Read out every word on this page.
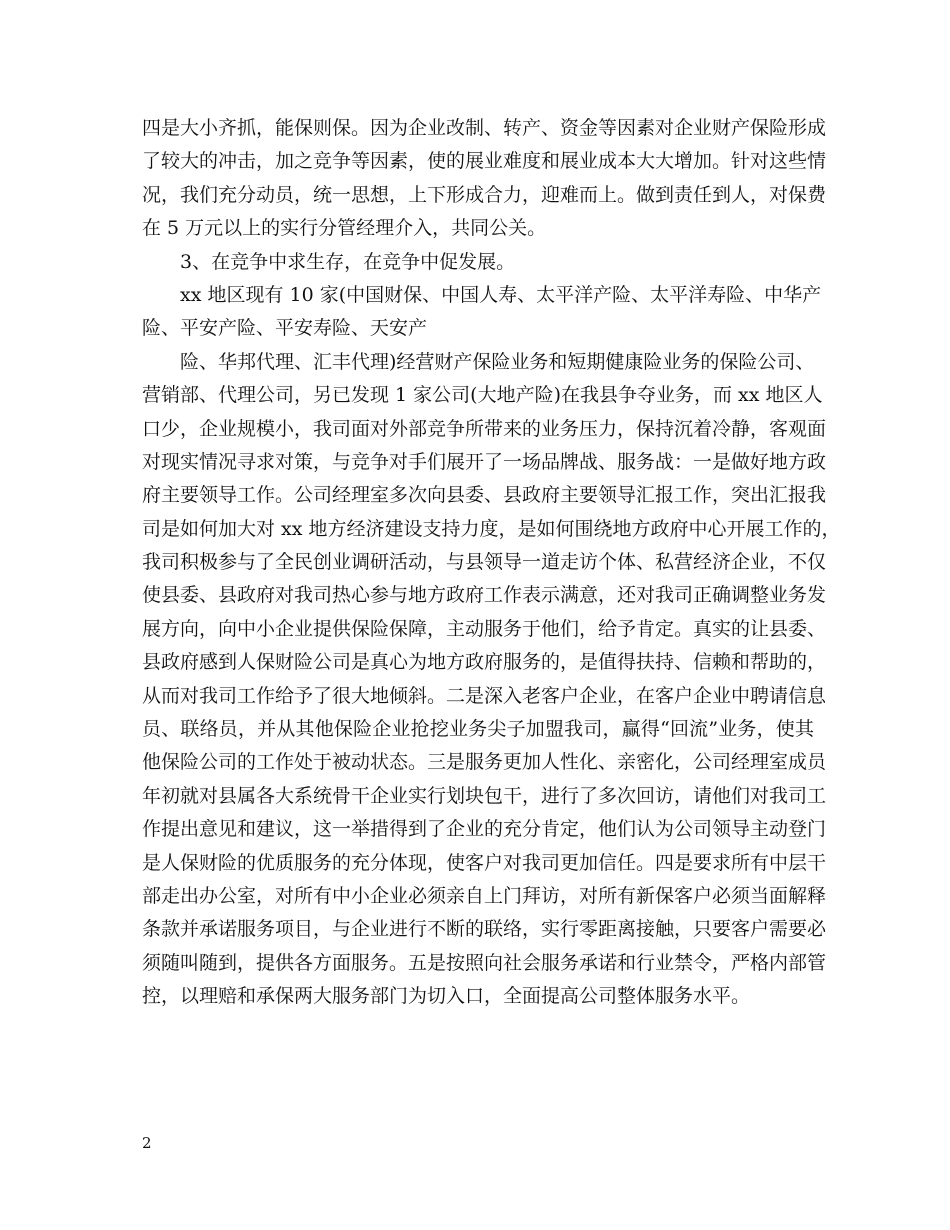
四是大小齐抓，能保则保。因为企业改制、转产、资金等因素对企业财产保险形成
了较大的冲击，加之竞争等因素，使的展业难度和展业成本大大增加。针对这些情
况，我们充分动员，统一思想，上下形成合力，迎难而上。做到责任到人，对保费
在 5 万元以上的实行分管经理介入，共同公关。
3、在竞争中求生存，在竞争中促发展。
xx 地区现有 10 家(中国财保、中国人寿、太平洋产险、太平洋寿险、中华产
险、平安产险、平安寿险、天安产
险、华邦代理、汇丰代理)经营财产保险业务和短期健康险业务的保险公司、
营销部、代理公司，另已发现 1 家公司(大地产险)在我县争夺业务，而 xx 地区人
口少，企业规模小，我司面对外部竞争所带来的业务压力，保持沉着冷静，客观面
对现实情况寻求对策，与竞争对手们展开了一场品牌战、服务战：一是做好地方政
府主要领导工作。公司经理室多次向县委、县政府主要领导汇报工作，突出汇报我
司是如何加大对 xx 地方经济建设支持力度，是如何围绕地方政府中心开展工作的，
我司积极参与了全民创业调研活动，与县领导一道走访个体、私营经济企业，不仅
使县委、县政府对我司热心参与地方政府工作表示满意，还对我司正确调整业务发
展方向，向中小企业提供保险保障，主动服务于他们，给予肯定。真实的让县委、
县政府感到人保财险公司是真心为地方政府服务的，是值得扶持、信赖和帮助的，
从而对我司工作给予了很大地倾斜。二是深入老客户企业，在客户企业中聘请信息
员、联络员，并从其他保险企业抢挖业务尖子加盟我司，赢得“回流”业务，使其
他保险公司的工作处于被动状态。三是服务更加人性化、亲密化，公司经理室成员
年初就对县属各大系统骨干企业实行划块包干，进行了多次回访，请他们对我司工
作提出意见和建议，这一举措得到了企业的充分肯定，他们认为公司领导主动登门
是人保财险的优质服务的充分体现，使客户对我司更加信任。四是要求所有中层干
部走出办公室，对所有中小企业必须亲自上门拜访，对所有新保客户必须当面解释
条款并承诺服务项目，与企业进行不断的联络，实行零距离接触，只要客户需要必
须随叫随到，提供各方面服务。五是按照向社会服务承诺和行业禁令，严格内部管
控，以理赔和承保两大服务部门为切入口，全面提高公司整体服务水平。
2
